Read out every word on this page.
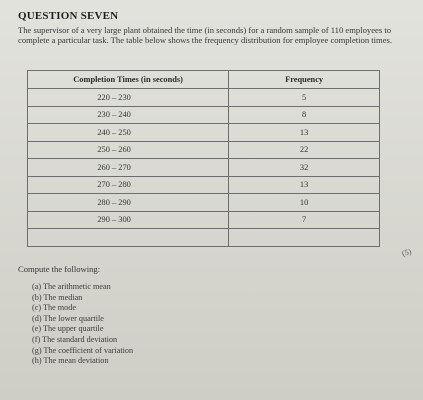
QUESTION SEVEN
The supervisor of a very large plant obtained the time (in seconds) for a random sample of 110 employees to complete a particular task. The table below shows the frequency distribution for employee completion times.
Completion Times (in seconds)	Frequency
220 – 230	5
230 – 240	8
240 – 250	13
250 – 260	22
260 – 270	32
270 – 280	13
280 – 290	10
290 – 300	7

(5)
Compute the following:
(a) The arithmetic mean
(b) The median
(c) The mode
(d) The lower quartile
(e) The upper quartile
(f) The standard deviation
(g) The coefficient of variation
(h) The mean deviation
